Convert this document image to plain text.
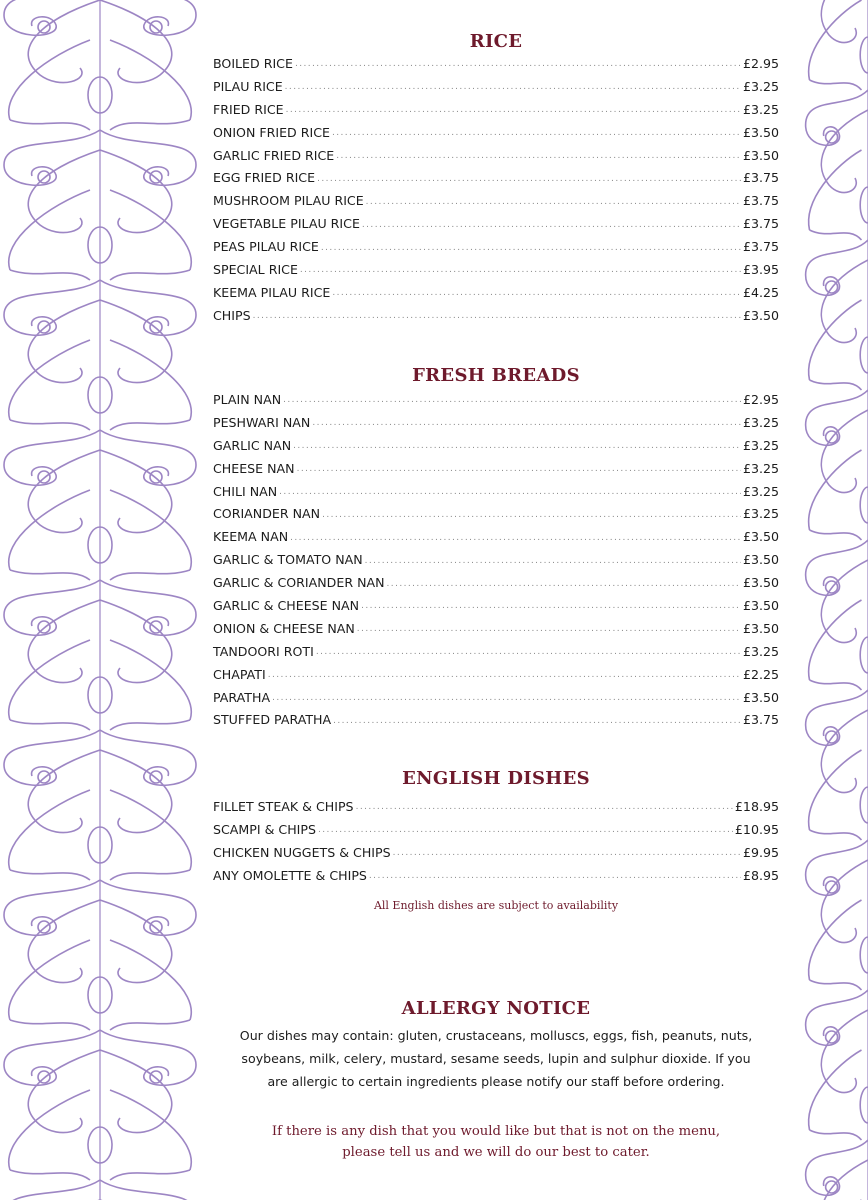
RICE
BOILED RICE .....	£2.95
PILAU RICE .....	£3.25
FRIED RICE .....	£3.25
ONION FRIED RICE .....	£3.50
GARLIC FRIED RICE .....	£3.50
EGG FRIED RICE .....	£3.75
MUSHROOM PILAU RICE .....	£3.75
VEGETABLE PILAU RICE .....	£3.75
PEAS PILAU RICE .....	£3.75
SPECIAL RICE .....	£3.95
KEEMA PILAU RICE .....	£4.25
CHIPS .....	£3.50
FRESH BREADS
PLAIN NAN .....	£2.95
PESHWARI NAN .....	£3.25
GARLIC NAN .....	£3.25
CHEESE NAN .....	£3.25
CHILI NAN .....	£3.25
CORIANDER NAN .....	£3.25
KEEMA NAN .....	£3.50
GARLIC & TOMATO NAN .....	£3.50
GARLIC & CORIANDER NAN .....	£3.50
GARLIC & CHEESE NAN .....	£3.50
ONION & CHEESE NAN .....	£3.50
TANDOORI ROTI .....	£3.25
CHAPATI .....	£2.25
PARATHA .....	£3.50
STUFFED PARATHA .....	£3.75
ENGLISH DISHES
FILLET STEAK & CHIPS .....	£18.95
SCAMPI & CHIPS .....	£10.95
CHICKEN NUGGETS & CHIPS .....	£9.95
ANY OMOLETTE & CHIPS .....	£8.95
All English dishes are subject to availability
ALLERGY NOTICE
Our dishes may contain: gluten, crustaceans, molluscs, eggs, fish, peanuts, nuts,
soybeans, milk, celery, mustard, sesame seeds, lupin and sulphur dioxide. If you
are allergic to certain ingredients please notify our staff before ordering.
If there is any dish that you would like but that is not on the menu,
please tell us and we will do our best to cater.
